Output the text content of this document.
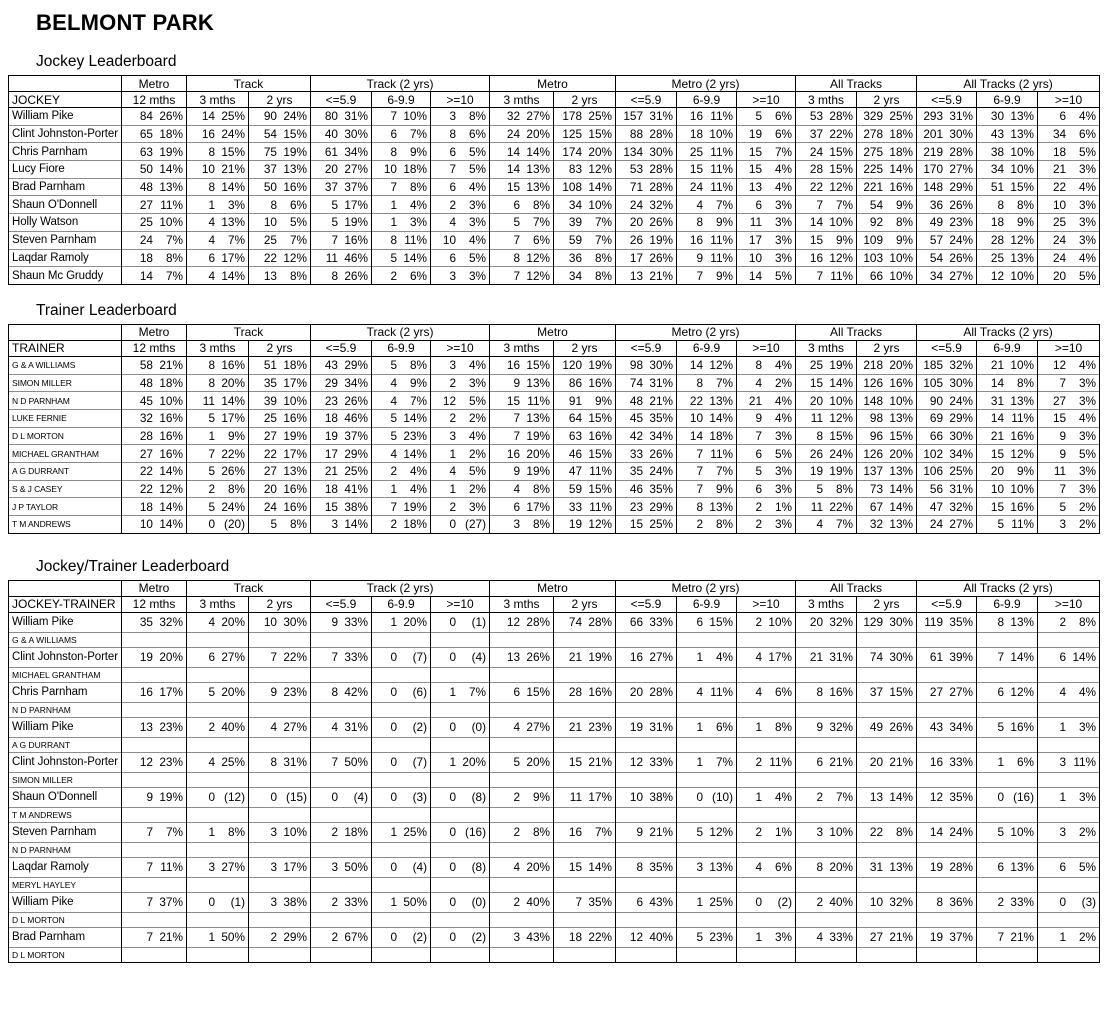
BELMONT PARK
Jockey Leaderboard
	Metro	Track		Track (2 yrs)			Metro		Metro (2 yrs)			All Tracks		All Tracks (2 yrs)		
JOCKEY	12 mths	3 mths	2 yrs	<=5.9	6-9.9	>=10	3 mths	2 yrs	<=5.9	6-9.9	>=10	3 mths	2 yrs	<=5.9	6-9.9	>=10
William Pike	84 26%	14 25%	90 24%	80 31%	7 10%	3 8%	32 27%	178 25%	157 31%	16 11%	5 6%	53 28%	329 25%	293 31%	30 13%	6 4%
Clint Johnston-Porter	65 18%	16 24%	54 15%	40 30%	6 7%	8 6%	24 20%	125 15%	88 28%	18 10%	19 6%	37 22%	278 18%	201 30%	43 13%	34 6%
Chris Parnham	63 19%	8 15%	75 19%	61 34%	8 9%	6 5%	14 14%	174 20%	134 30%	25 11%	15 7%	24 15%	275 18%	219 28%	38 10%	18 5%
Lucy Fiore	50 14%	10 21%	37 13%	20 27%	10 18%	7 5%	14 13%	83 12%	53 28%	15 11%	15 4%	28 15%	225 14%	170 27%	34 10%	21 3%
Brad Parnham	48 13%	8 14%	50 16%	37 37%	7 8%	6 4%	15 13%	108 14%	71 28%	24 11%	13 4%	22 12%	221 16%	148 29%	51 15%	22 4%
Shaun O'Donnell	27 11%	1 3%	8 6%	5 17%	1 4%	2 3%	6 8%	34 10%	24 32%	4 7%	6 3%	7 7%	54 9%	36 26%	8 8%	10 3%
Holly Watson	25 10%	4 13%	10 5%	5 19%	1 3%	4 3%	5 7%	39 7%	20 26%	8 9%	11 3%	14 10%	92 8%	49 23%	18 9%	25 3%
Steven Parnham	24 7%	4 7%	25 7%	7 16%	8 11%	10 4%	7 6%	59 7%	26 19%	16 11%	17 3%	15 9%	109 9%	57 24%	28 12%	24 3%
Laqdar Ramoly	18 8%	6 17%	22 12%	11 46%	5 14%	6 5%	8 12%	36 8%	17 26%	9 11%	10 3%	16 12%	103 10%	54 26%	25 13%	24 4%
Shaun Mc Gruddy	14 7%	4 14%	13 8%	8 26%	2 6%	3 3%	7 12%	34 8%	13 21%	7 9%	14 5%	7 11%	66 10%	34 27%	12 10%	20 5%
Trainer Leaderboard
	Metro	Track		Track (2 yrs)			Metro		Metro (2 yrs)			All Tracks		All Tracks (2 yrs)		
TRAINER	12 mths	3 mths	2 yrs	<=5.9	6-9.9	>=10	3 mths	2 yrs	<=5.9	6-9.9	>=10	3 mths	2 yrs	<=5.9	6-9.9	>=10
G & A WILLIAMS	58 21%	8 16%	51 18%	43 29%	5 8%	3 4%	16 15%	120 19%	98 30%	14 12%	8 4%	25 19%	218 20%	185 32%	21 10%	12 4%
SIMON MILLER	48 18%	8 20%	35 17%	29 34%	4 9%	2 3%	9 13%	86 16%	74 31%	8 7%	4 2%	15 14%	126 16%	105 30%	14 8%	7 3%
N D PARNHAM	45 10%	11 14%	39 10%	23 26%	4 7%	12 5%	15 11%	91 9%	48 21%	22 13%	21 4%	20 10%	148 10%	90 24%	31 13%	27 3%
LUKE FERNIE	32 16%	5 17%	25 16%	18 46%	5 14%	2 2%	7 13%	64 15%	45 35%	10 14%	9 4%	11 12%	98 13%	69 29%	14 11%	15 4%
D L MORTON	28 16%	1 9%	27 19%	19 37%	5 23%	3 4%	7 19%	63 16%	42 34%	14 18%	7 3%	8 15%	96 15%	66 30%	21 16%	9 3%
MICHAEL GRANTHAM	27 16%	7 22%	22 17%	17 29%	4 14%	1 2%	16 20%	46 15%	33 26%	7 11%	6 5%	26 24%	126 20%	102 34%	15 12%	9 5%
A G DURRANT	22 14%	5 26%	27 13%	21 25%	2 4%	4 5%	9 19%	47 11%	35 24%	7 7%	5 3%	19 19%	137 13%	106 25%	20 9%	11 3%
S & J CASEY	22 12%	2 8%	20 16%	18 41%	1 4%	1 2%	4 8%	59 15%	46 35%	7 9%	6 3%	5 8%	73 14%	56 31%	10 10%	7 3%
J P TAYLOR	18 14%	5 24%	24 16%	15 38%	7 19%	2 3%	6 17%	33 11%	23 29%	8 13%	2 1%	11 22%	67 14%	47 32%	15 16%	5 2%
T M ANDREWS	10 14%	0 (20)	5 8%	3 14%	2 18%	0 (27)	3 8%	19 12%	15 25%	2 8%	2 3%	4 7%	32 13%	24 27%	5 11%	3 2%
Jockey/Trainer Leaderboard
	Metro	Track		Track (2 yrs)			Metro		Metro (2 yrs)			All Tracks		All Tracks (2 yrs)		
JOCKEY-TRAINER	12 mths	3 mths	2 yrs	<=5.9	6-9.9	>=10	3 mths	2 yrs	<=5.9	6-9.9	>=10	3 mths	2 yrs	<=5.9	6-9.9	>=10
William Pike	35 32%	4 20%	10 30%	9 33%	1 20%	0 (1)	12 28%	74 28%	66 33%	6 15%	2 10%	20 32%	129 30%	119 35%	8 13%	2 8%
G & A WILLIAMS																
Clint Johnston-Porter	19 20%	6 27%	7 22%	7 33%	0 (7)	0 (4)	13 26%	21 19%	16 27%	1 4%	4 17%	21 31%	74 30%	61 39%	7 14%	6 14%
MICHAEL GRANTHAM																
Chris Parnham	16 17%	5 20%	9 23%	8 42%	0 (6)	1 7%	6 15%	28 16%	20 28%	4 11%	4 6%	8 16%	37 15%	27 27%	6 12%	4 4%
N D PARNHAM																
William Pike	13 23%	2 40%	4 27%	4 31%	0 (2)	0 (0)	4 27%	21 23%	19 31%	1 6%	1 8%	9 32%	49 26%	43 34%	5 16%	1 3%
A G DURRANT																
Clint Johnston-Porter	12 23%	4 25%	8 31%	7 50%	0 (7)	1 20%	5 20%	15 21%	12 33%	1 7%	2 11%	6 21%	20 21%	16 33%	1 6%	3 11%
SIMON MILLER																
Shaun O'Donnell	9 19%	0 (12)	0 (15)	0 (4)	0 (3)	0 (8)	2 9%	11 17%	10 38%	0 (10)	1 4%	2 7%	13 14%	12 35%	0 (16)	1 3%
T M ANDREWS																
Steven Parnham	7 7%	1 8%	3 10%	2 18%	1 25%	0 (16)	2 8%	16 7%	9 21%	5 12%	2 1%	3 10%	22 8%	14 24%	5 10%	3 2%
N D PARNHAM																
Laqdar Ramoly	7 11%	3 27%	3 17%	3 50%	0 (4)	0 (8)	4 20%	15 14%	8 35%	3 13%	4 6%	8 20%	31 13%	19 28%	6 13%	6 5%
MERYL HAYLEY																
William Pike	7 37%	0 (1)	3 38%	2 33%	1 50%	0 (0)	2 40%	7 35%	6 43%	1 25%	0 (2)	2 40%	10 32%	8 36%	2 33%	0 (3)
D L MORTON																
Brad Parnham	7 21%	1 50%	2 29%	2 67%	0 (2)	0 (2)	3 43%	18 22%	12 40%	5 23%	1 3%	4 33%	27 21%	19 37%	7 21%	1 2%
D L MORTON																
